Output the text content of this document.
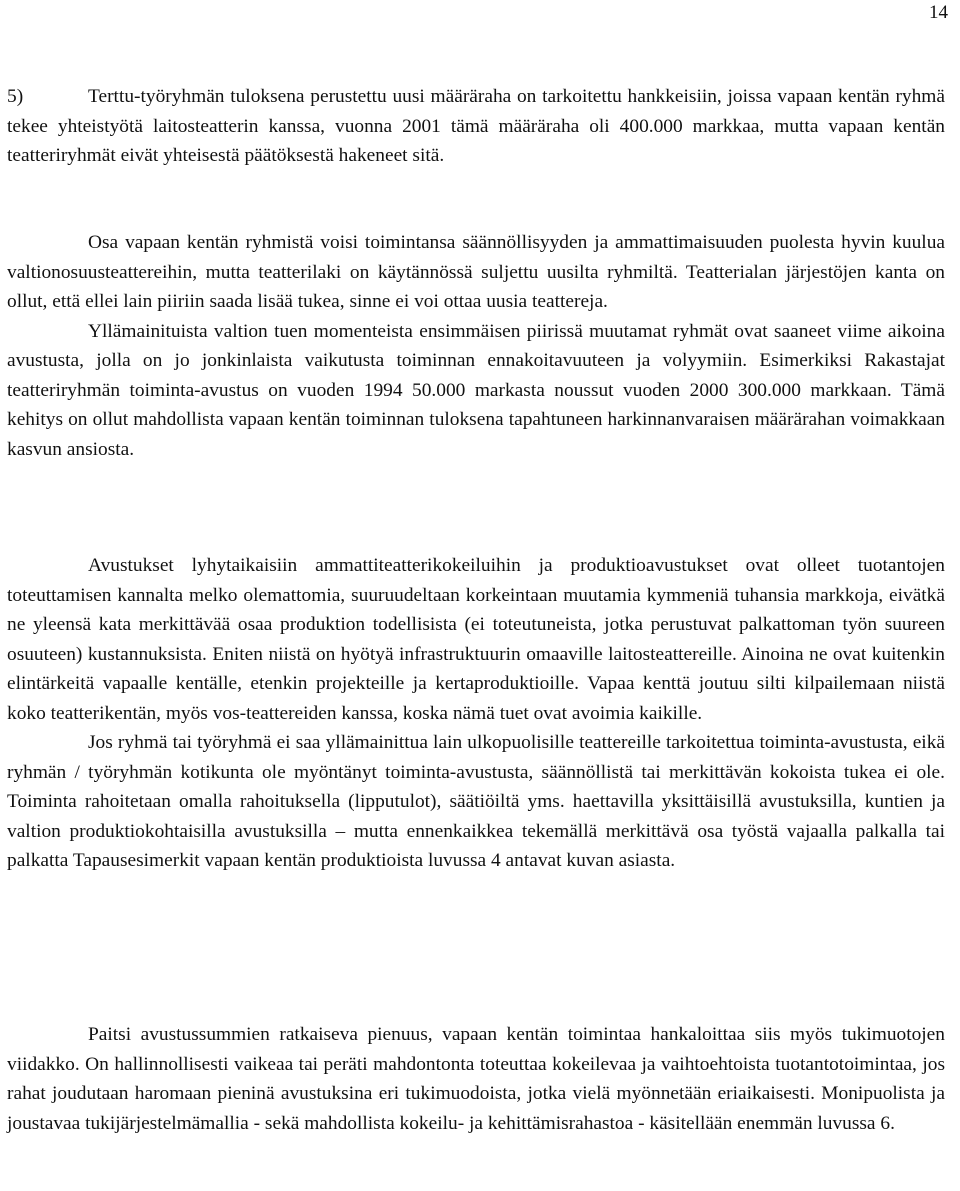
14

5)	Terttu-työryhmän tuloksena perustettu uusi määräraha on tarkoitettu hankkeisiin, joissa vapaan kentän ryhmä tekee yhteistyötä laitosteatterin kanssa, vuonna 2001 tämä määräraha oli 400.000 markkaa, mutta vapaan kentän teatteriryhmät eivät yhteisestä päätöksestä hakeneet sitä.

Osa vapaan kentän ryhmistä voisi toimintansa säännöllisyyden ja ammattimaisuuden puolesta hyvin kuulua valtionosuusteattereihin, mutta teatterilaki on käytännössä suljettu uusilta ryhmiltä. Teatterialan järjestöjen kanta on ollut, että ellei lain piiriin saada lisää tukea, sinne ei voi ottaa uusia teattereja.

Yllämainituista valtion tuen momenteista ensimmäisen piirissä muutamat ryhmät ovat saaneet viime aikoina avustusta, jolla on jo jonkinlaista vaikutusta toiminnan ennakoitavuuteen ja volyymiin. Esimerkiksi Rakastajat teatteriryhmän toiminta-avustus on vuoden 1994 50.000 markasta noussut vuoden 2000 300.000 markkaan. Tämä kehitys on ollut mahdollista vapaan kentän toiminnan tuloksena tapahtuneen harkinnanvaraisen määrärahan voimakkaan kasvun ansiosta.

Avustukset lyhytaikaisiin ammattiteatterikokeiluihin ja produktioavustukset ovat olleet tuotantojen toteuttamisen kannalta melko olemattomia, suuruudeltaan korkeintaan muutamia kymmeniä tuhansia markkoja, eivätkä ne yleensä kata merkittävää osaa produktion todellisista (ei toteutuneista, jotka perustuvat palkattoman työn suureen osuuteen) kustannuksista. Eniten niistä on hyötyä infrastruktuurin omaaville laitosteattereille. Ainoina ne ovat kuitenkin elintärkeitä vapaalle kentälle, etenkin projekteille ja kertaproduktioille. Vapaa kenttä joutuu silti kilpailemaan niistä koko teatterikentän, myös vos-teattereiden kanssa, koska nämä tuet ovat avoimia kaikille.

Jos ryhmä tai työryhmä ei saa yllämainittua lain ulkopuolisille teattereille tarkoitettua toiminta-avustusta, eikä ryhmän / työryhmän kotikunta ole myöntänyt toiminta-avustusta, säännöllistä tai merkittävän kokoista tukea ei ole. Toiminta rahoitetaan omalla rahoituksella (lipputulot), säätiöiltä yms. haettavilla yksittäisillä avustuksilla, kuntien ja valtion produktiokohtaisilla avustuksilla – mutta ennenkaikkea tekemällä merkittävä osa työstä vajaalla palkalla tai palkatta Tapausesimerkit vapaan kentän produktioista luvussa 4 antavat kuvan asiasta.

Paitsi avustussummien ratkaiseva pienuus, vapaan kentän toimintaa hankaloittaa siis myös tukimuotojen viidakko. On hallinnollisesti vaikeaa tai peräti mahdontonta toteuttaa kokeilevaa ja vaihtoehtoista tuotantotoimintaa, jos rahat joudutaan haromaan pieninä avustuksina eri tukimuodoista, jotka vielä myönnetään eriaikaisesti. Monipuolista ja joustavaa tukijärjestelmämallia - sekä mahdollista kokeilu- ja kehittämisrahastoa - käsitellään enemmän luvussa 6.
